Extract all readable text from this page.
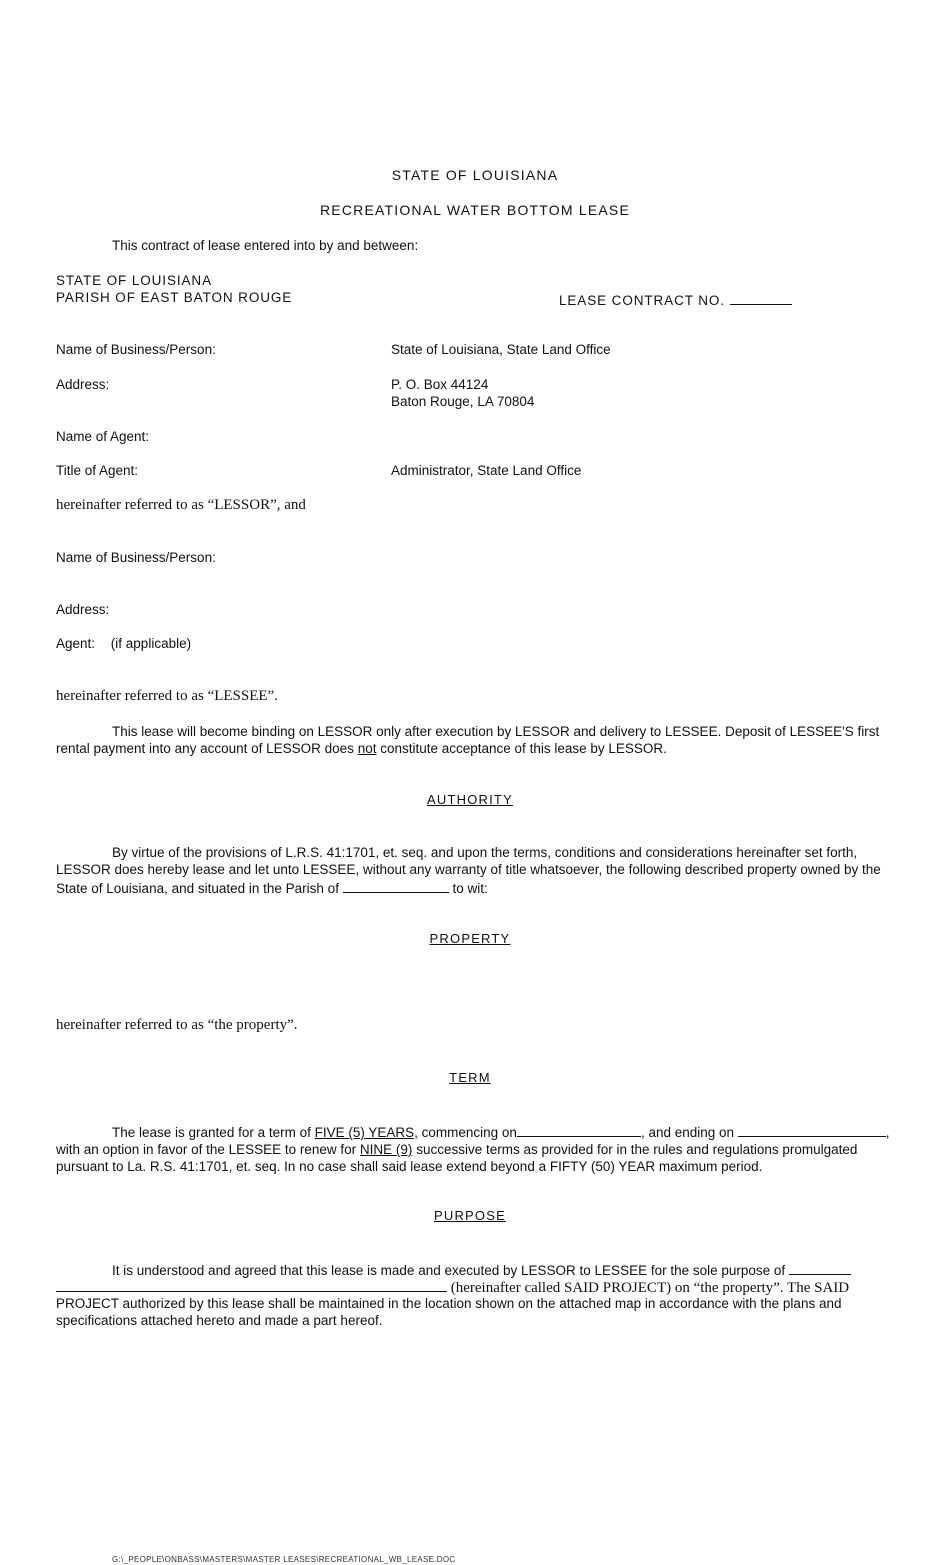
STATE OF LOUISIANA
RECREATIONAL WATER BOTTOM LEASE
This contract of lease entered into by and between:
STATE OF LOUISIANA
PARISH OF EAST BATON ROUGE	LEASE CONTRACT NO.
Name of Business/Person:	State of Louisiana, State Land Office
Address:	P. O. Box 44124
Baton Rouge, LA 70804
Name of Agent:
Title of Agent:	Administrator, State Land Office
hereinafter referred to as “LESSOR”, and
Name of Business/Person:
Address:
Agent: (if applicable)
hereinafter referred to as “LESSEE”.
This lease will become binding on LESSOR only after execution by LESSOR and delivery to LESSEE. Deposit of LESSEE'S first rental payment into any account of LESSOR does not constitute acceptance of this lease by LESSOR.
AUTHORITY
By virtue of the provisions of L.R.S. 41:1701, et. seq. and upon the terms, conditions and considerations hereinafter set forth, LESSOR does hereby lease and let unto LESSEE, without any warranty of title whatsoever, the following described property owned by the State of Louisiana, and situated in the Parish of	to wit:
PROPERTY
hereinafter referred to as “the property”.
TERM
The lease is granted for a term of FIVE (5) YEARS, commencing on	, and ending on	, with an option in favor of the LESSEE to renew for NINE (9) successive terms as provided for in the rules and regulations promulgated pursuant to La. R.S. 41:1701, et. seq. In no case shall said lease extend beyond a FIFTY (50) YEAR maximum period.
PURPOSE
It is understood and agreed that this lease is made and executed by LESSOR to LESSEE for the sole purpose of
(hereinafter called SAID PROJECT) on “the property”. The SAID
PROJECT authorized by this lease shall be maintained in the location shown on the attached map in accordance with the plans and specifications attached hereto and made a part hereof.
G:\_PEOPLE\ONBASS\MASTERS\MASTER LEASES\RECREATIONAL_WB_LEASE.DOC
